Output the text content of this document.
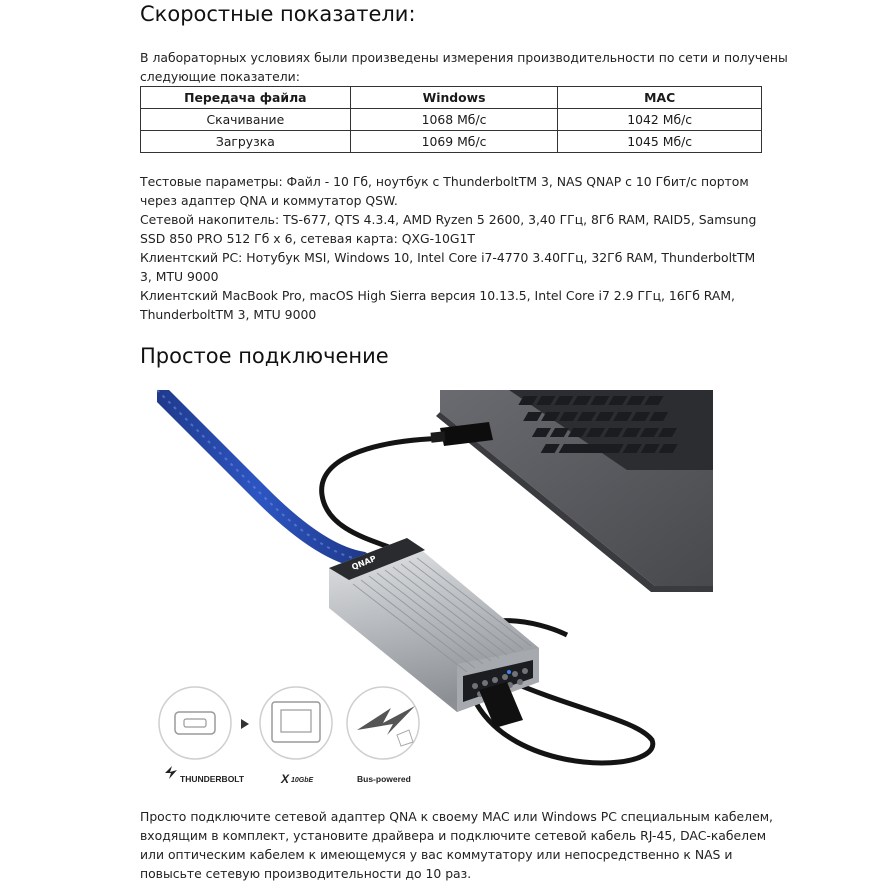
Скоростные показатели:

В лабораторных условиях были произведены измерения производительности по сети и получены
следующие показатели:

Передача файла	Windows	MAC
Скачивание	1068 Мб/с	1042 Мб/с
Загрузка	1069 Мб/с	1045 Мб/с

Тестовые параметры: Файл - 10 Гб, ноутбук с ThunderboltTM 3, NAS QNAP с 10 Гбит/с портом
через адаптер QNA и коммутатор QSW.
Сетевой накопитель: TS-677, QTS 4.3.4, AMD Ryzen 5 2600, 3,40 ГГц, 8Гб RAM, RAID5, Samsung
SSD 850 PRO 512 Гб x 6, сетевая карта: QXG-10G1T
Клиентский PC: Нотубук MSI, Windows 10, Intel Core i7-4770 3.40ГГц, 32Гб RAM, ThunderboltTM
3, MTU 9000
Клиентский MacBook Pro, macOS High Sierra версия 10.13.5, Intel Core i7 2.9 ГГц, 16Гб RAM,
ThunderboltTM 3, MTU 9000

Простое подключение
QNAP
THUNDERBOLT	X 10GbE	Bus-powered

Просто подключите сетевой адаптер QNA к своему MAC или Windows PC специальным кабелем,
входящим в комплект, установите драйвера и подключите сетевой кабель RJ-45, DAC-кабелем
или оптическим кабелем к имеющемуся у вас коммутатору или непосредственно к NAS и
повысьте сетевую производительности до 10 раз.
